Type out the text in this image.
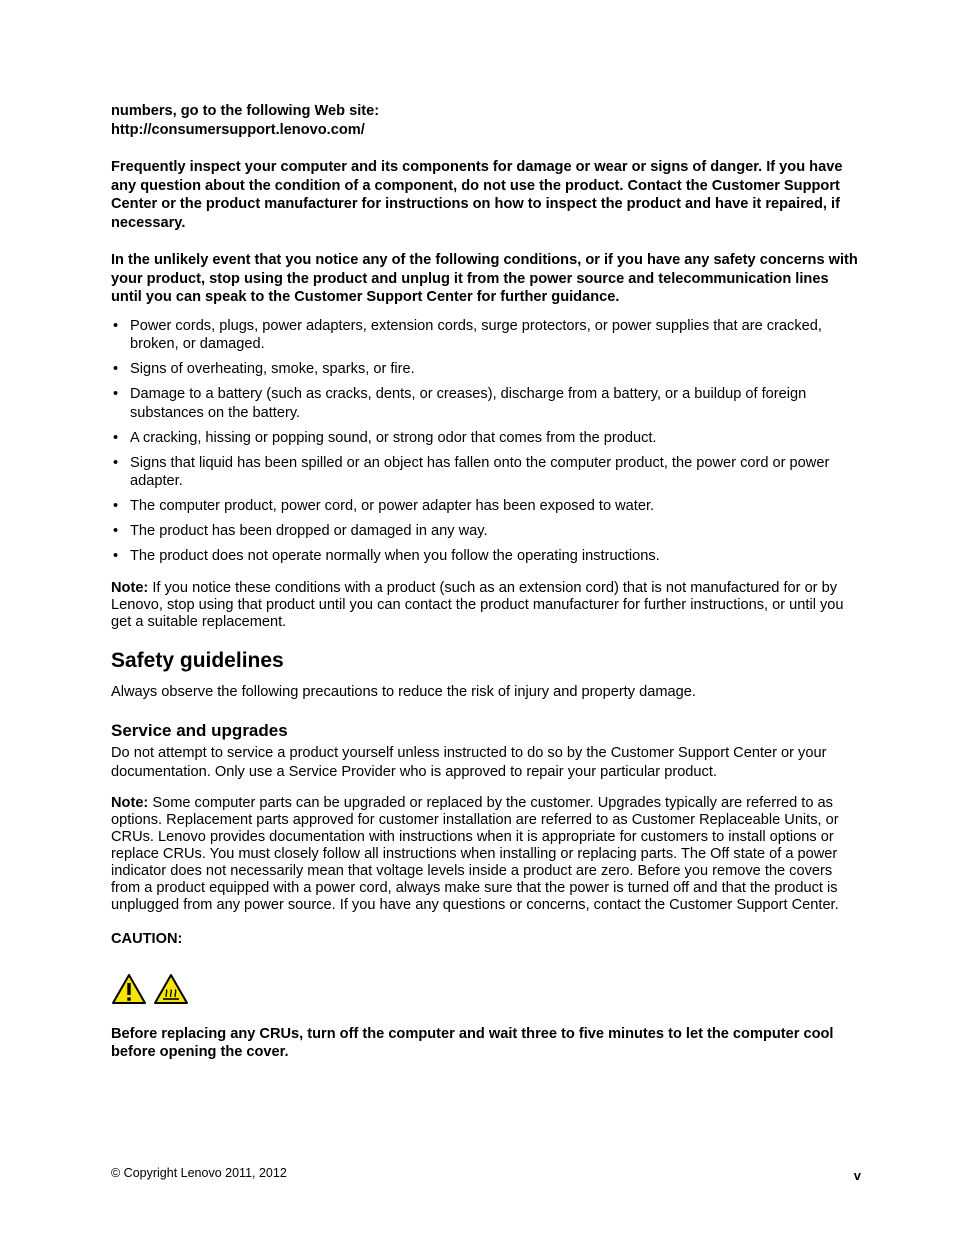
numbers, go to the following Web site:

http://consumersupport.lenovo.com/

Frequently inspect your computer and its components for damage or wear or signs of danger. If you have any question about the condition of a component, do not use the product. Contact the Customer Support Center or the product manufacturer for instructions on how to inspect the product and have it repaired, if necessary.

In the unlikely event that you notice any of the following conditions, or if you have any safety concerns with your product, stop using the product and unplug it from the power source and telecommunication lines until you can speak to the Customer Support Center for further guidance.

• Power cords, plugs, power adapters, extension cords, surge protectors, or power supplies that are cracked, broken, or damaged.
• Signs of overheating, smoke, sparks, or fire.
• Damage to a battery (such as cracks, dents, or creases), discharge from a battery, or a buildup of foreign substances on the battery.
• A cracking, hissing or popping sound, or strong odor that comes from the product.
• Signs that liquid has been spilled or an object has fallen onto the computer product, the power cord or power adapter.
• The computer product, power cord, or power adapter has been exposed to water.
• The product has been dropped or damaged in any way.
• The product does not operate normally when you follow the operating instructions.

Note: If you notice these conditions with a product (such as an extension cord) that is not manufactured for or by Lenovo, stop using that product until you can contact the product manufacturer for further instructions, or until you get a suitable replacement.

Safety guidelines

Always observe the following precautions to reduce the risk of injury and property damage.

Service and upgrades

Do not attempt to service a product yourself unless instructed to do so by the Customer Support Center or your documentation. Only use a Service Provider who is approved to repair your particular product.

Note: Some computer parts can be upgraded or replaced by the customer. Upgrades typically are referred to as options. Replacement parts approved for customer installation are referred to as Customer Replaceable Units, or CRUs. Lenovo provides documentation with instructions when it is appropriate for customers to install options or replace CRUs. You must closely follow all instructions when installing or replacing parts. The Off state of a power indicator does not necessarily mean that voltage levels inside a product are zero. Before you remove the covers from a product equipped with a power cord, always make sure that the power is turned off and that the product is unplugged from any power source. If you have any questions or concerns, contact the Customer Support Center.

CAUTION:

Before replacing any CRUs, turn off the computer and wait three to five minutes to let the computer cool before opening the cover.

© Copyright Lenovo 2011, 2012	v
